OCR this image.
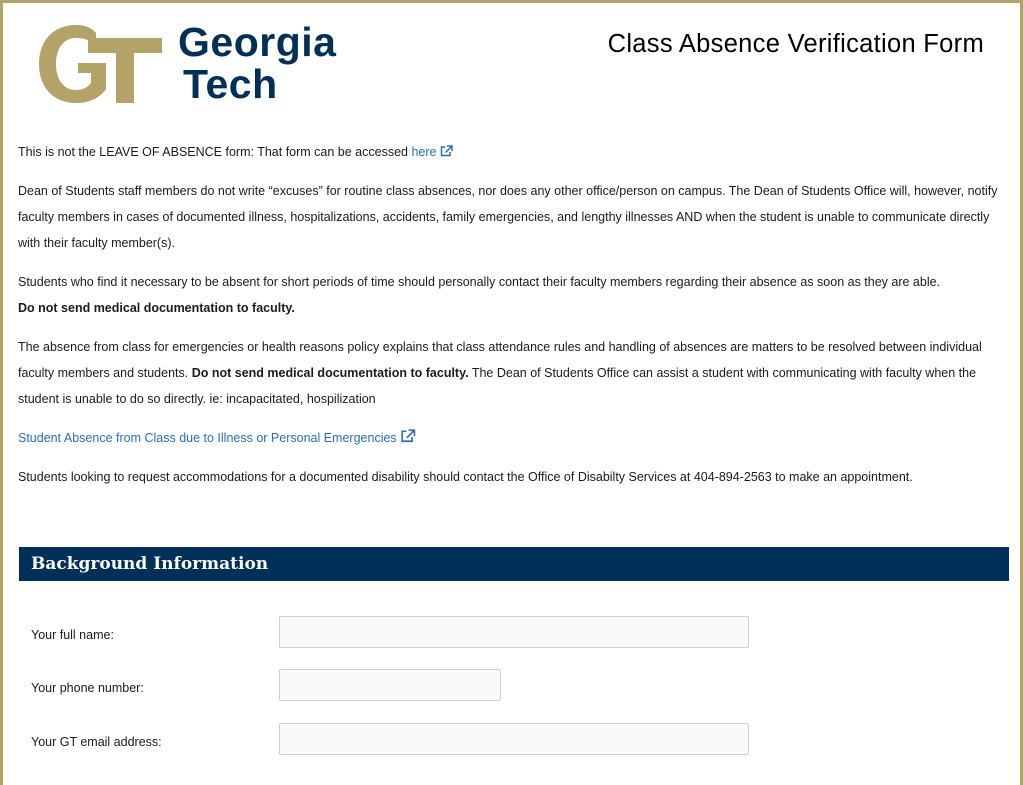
Georgia
Tech
Class Absence Verification Form

This is not the LEAVE OF ABSENCE form: That form can be accessed here

Dean of Students staff members do not write “excuses” for routine class absences, nor does any other office/person on campus. The Dean of Students Office will, however, notify faculty members in cases of documented illness, hospitalizations, accidents, family emergencies, and lengthy illnesses AND when the student is unable to communicate directly with their faculty member(s).

Students who find it necessary to be absent for short periods of time should personally contact their faculty members regarding their absence as soon as they are able.
Do not send medical documentation to faculty.

The absence from class for emergencies or health reasons policy explains that class attendance rules and handling of absences are matters to be resolved between individual faculty members and students. Do not send medical documentation to faculty. The Dean of Students Office can assist a student with communicating with faculty when the student is unable to do so directly. ie: incapacitated, hospilization

Student Absence from Class due to Illness or Personal Emergencies

Students looking to request accommodations for a documented disability should contact the Office of Disabilty Services at 404-894-2563 to make an appointment.

Background Information
Your full name:
Your phone number:
Your GT email address:
